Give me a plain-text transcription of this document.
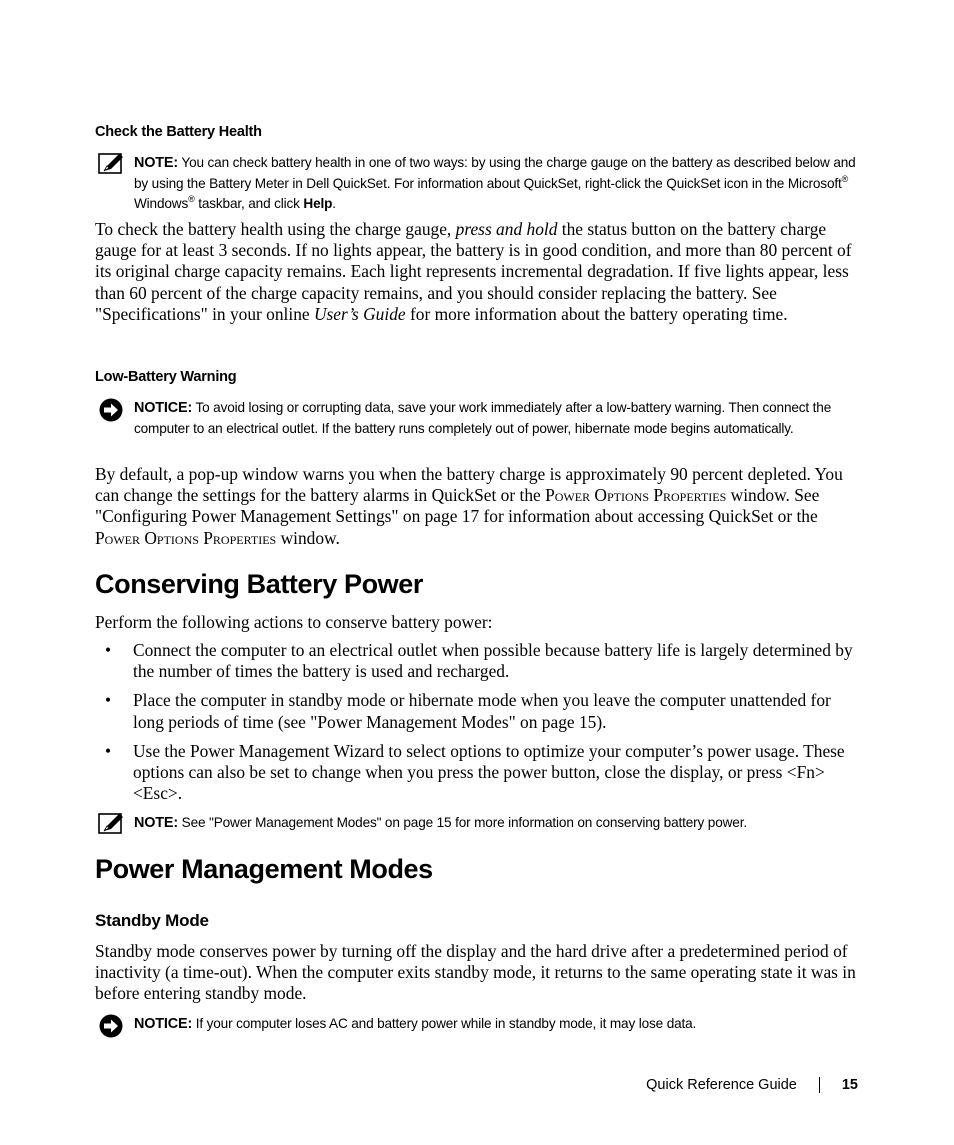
Check the Battery Health
NOTE: You can check battery health in one of two ways: by using the charge gauge on the battery as described below and by using the Battery Meter in Dell QuickSet. For information about QuickSet, right-click the QuickSet icon in the Microsoft® Windows® taskbar, and click Help.

To check the battery health using the charge gauge, press and hold the status button on the battery charge gauge for at least 3 seconds. If no lights appear, the battery is in good condition, and more than 80 percent of its original charge capacity remains. Each light represents incremental degradation. If five lights appear, less than 60 percent of the charge capacity remains, and you should consider replacing the battery. See "Specifications" in your online User’s Guide for more information about the battery operating time.

Low-Battery Warning
NOTICE: To avoid losing or corrupting data, save your work immediately after a low-battery warning. Then connect the computer to an electrical outlet. If the battery runs completely out of power, hibernate mode begins automatically.

By default, a pop-up window warns you when the battery charge is approximately 90 percent depleted. You can change the settings for the battery alarms in QuickSet or the Power Options Properties window. See "Configuring Power Management Settings" on page 17 for information about accessing QuickSet or the Power Options Properties window.

Conserving Battery Power

Perform the following actions to conserve battery power:

• Connect the computer to an electrical outlet when possible because battery life is largely determined by the number of times the battery is used and recharged.
• Place the computer in standby mode or hibernate mode when you leave the computer unattended for long periods of time (see "Power Management Modes" on page 15).
• Use the Power Management Wizard to select options to optimize your computer’s power usage. These options can also be set to change when you press the power button, close the display, or press <Fn><Esc>.
NOTE: See "Power Management Modes" on page 15 for more information on conserving battery power.
Power Management Modes
Standby Mode

Standby mode conserves power by turning off the display and the hard drive after a predetermined period of inactivity (a time-out). When the computer exits standby mode, it returns to the same operating state it was in before entering standby mode.

NOTICE: If your computer loses AC and battery power while in standby mode, it may lose data.
Quick Reference Guide	15
